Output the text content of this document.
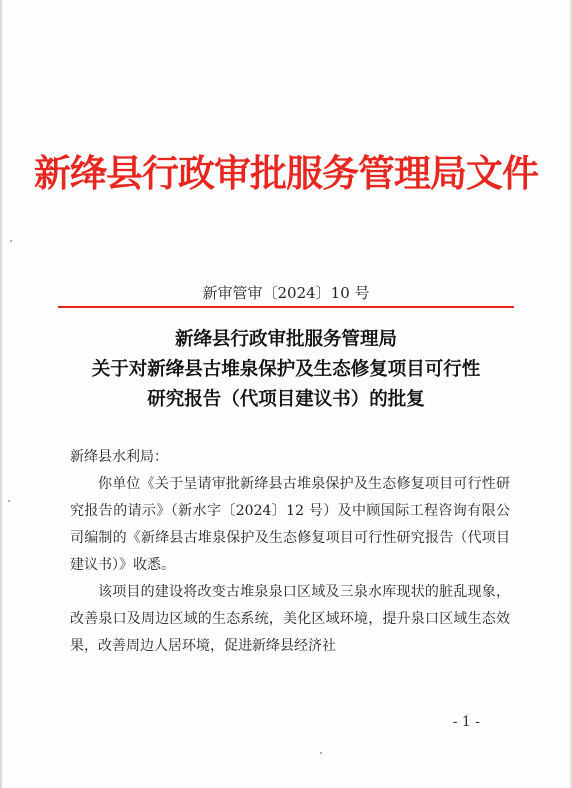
新绛县行政审批服务管理局文件
新审管审〔2024〕10 号
新绛县行政审批服务管理局
关于对新绛县古堆泉保护及生态修复项目可行性
研究报告（代项目建议书）的批复
新绛县水利局：

你单位《关于呈请审批新绛县古堆泉保护及生态修复项目可行性研究报告的请示》（新水字〔2024〕12 号）及中顾国际工程咨询有限公司编制的《新绛县古堆泉保护及生态修复项目可行性研究报告（代项目建议书）》收悉。

该项目的建设将改变古堆泉泉口区域及三泉水库现状的脏乱现象，改善泉口及周边区域的生态系统，美化区域环境，提升泉口区域生态效果，改善周边人居环境，促进新绛县经济社

- 1 -
